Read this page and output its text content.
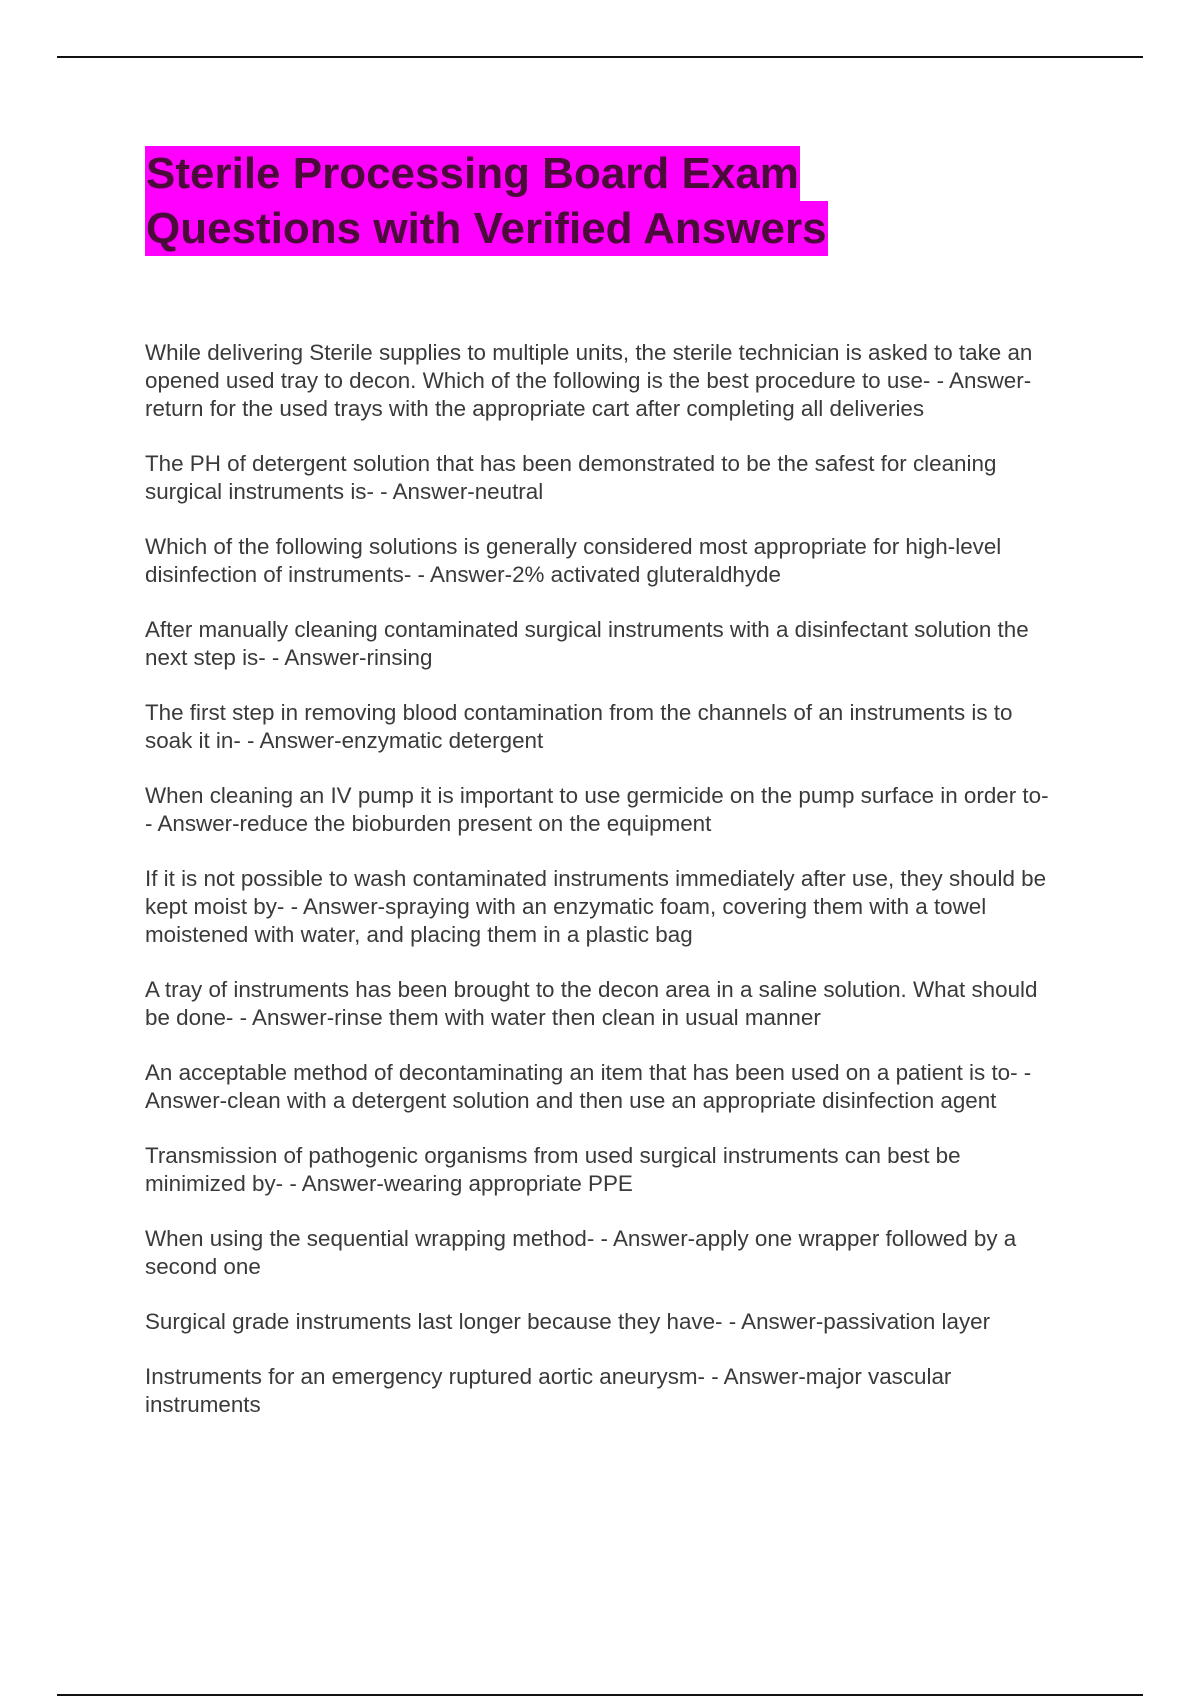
Sterile Processing Board Exam
Questions with Verified Answers
While delivering Sterile supplies to multiple units, the sterile technician is asked to take an opened used tray to decon. Which of the following is the best procedure to use- - Answer-return for the used trays with the appropriate cart after completing all deliveries
The PH of detergent solution that has been demonstrated to be the safest for cleaning surgical instruments is- - Answer-neutral
Which of the following solutions is generally considered most appropriate for high-level disinfection of instruments- - Answer-2% activated gluteraldhyde
After manually cleaning contaminated surgical instruments with a disinfectant solution the next step is- - Answer-rinsing
The first step in removing blood contamination from the channels of an instruments is to soak it in- - Answer-enzymatic detergent
When cleaning an IV pump it is important to use germicide on the pump surface in order to- - Answer-reduce the bioburden present on the equipment
If it is not possible to wash contaminated instruments immediately after use, they should be kept moist by- - Answer-spraying with an enzymatic foam, covering them with a towel moistened with water, and placing them in a plastic bag
A tray of instruments has been brought to the decon area in a saline solution. What should be done- - Answer-rinse them with water then clean in usual manner
An acceptable method of decontaminating an item that has been used on a patient is to- - Answer-clean with a detergent solution and then use an appropriate disinfection agent
Transmission of pathogenic organisms from used surgical instruments can best be minimized by- - Answer-wearing appropriate PPE
When using the sequential wrapping method- - Answer-apply one wrapper followed by a second one
Surgical grade instruments last longer because they have- - Answer-passivation layer
Instruments for an emergency ruptured aortic aneurysm- - Answer-major vascular instruments
